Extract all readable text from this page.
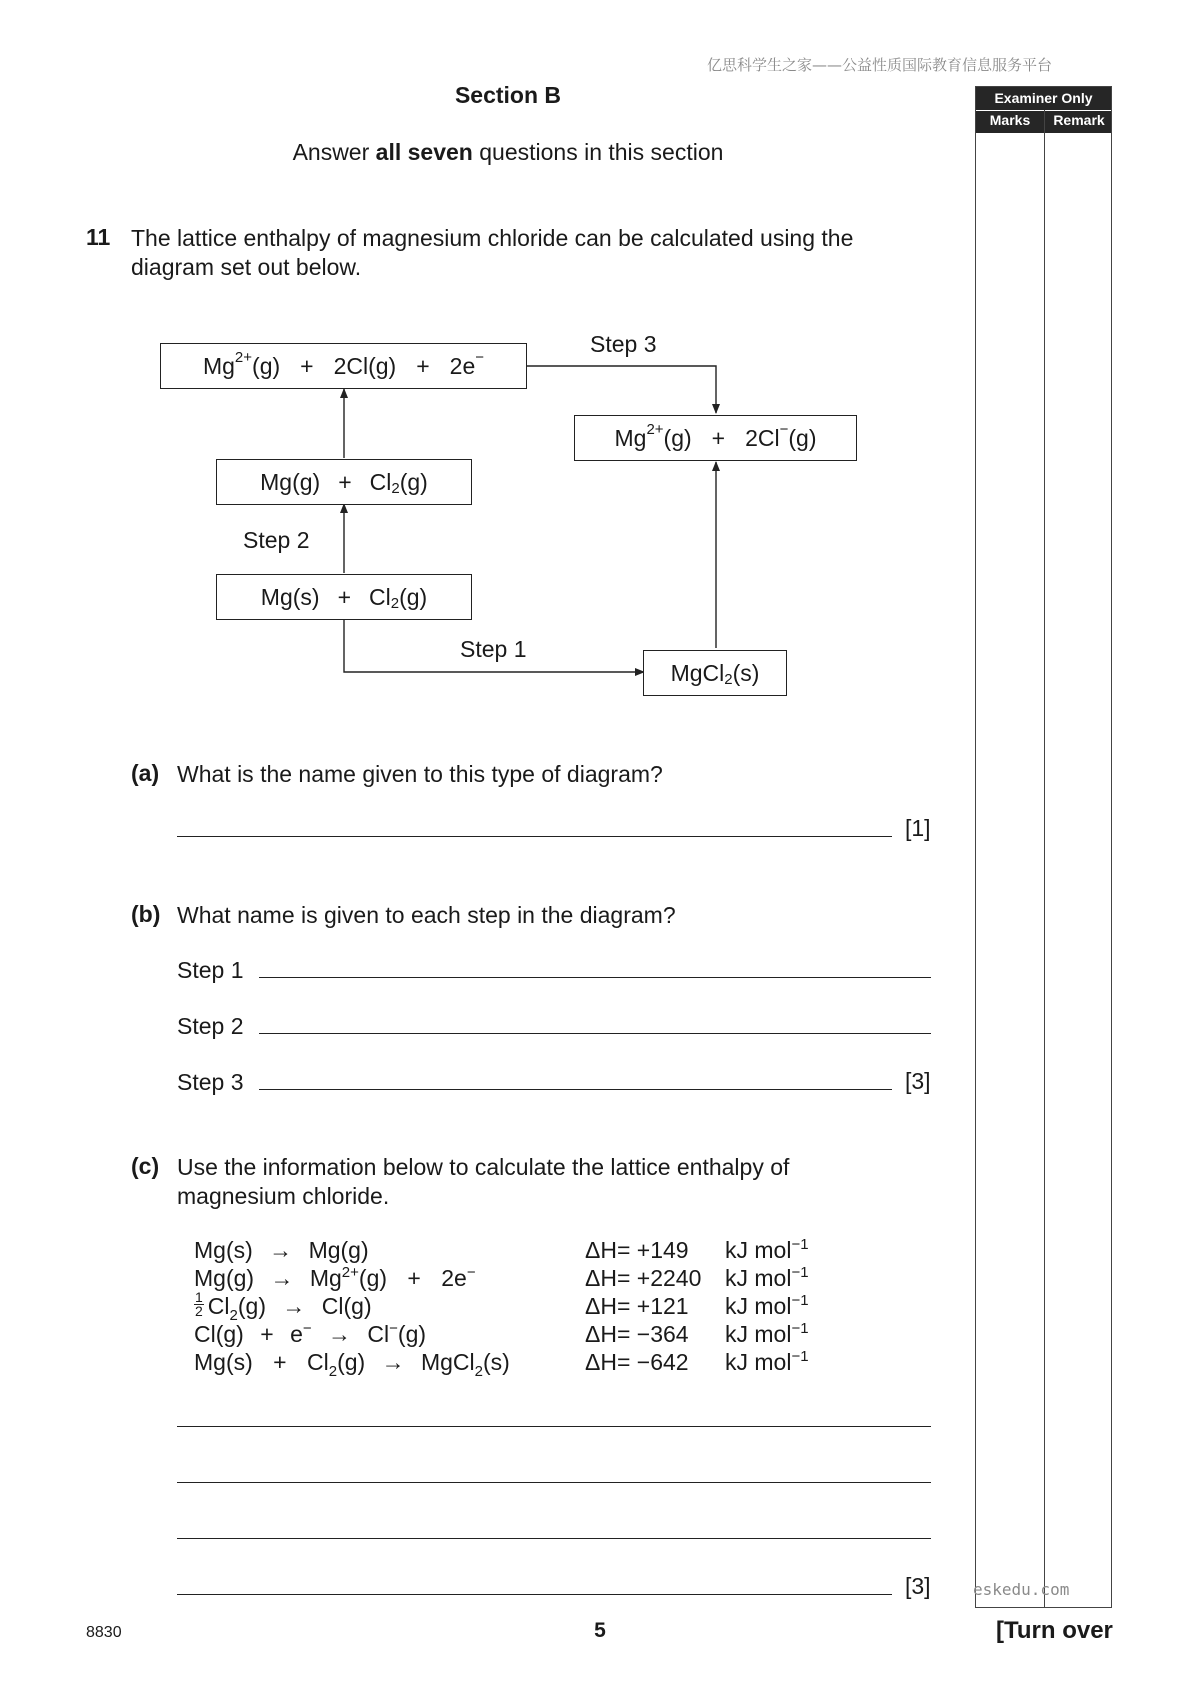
亿思科学生之家——公益性质国际教育信息服务平台
Section B
Answer all seven questions in this section
11 The lattice enthalpy of magnesium chloride can be calculated using the diagram set out below.
$Mg^{2+}$ (g) + 2Cl(g) + 2e−
$Mg^{2+}$ (g) + 2Cl− (g)
$Mg(g) + Cl_2$ (g)
Step 2
$Mg(s) + Cl_2$ (g)
Step 3
Step 1
MgCl$_2$ (s)
(a) What is the name given to this type of diagram?
[1]
(b) What name is given to each step in the diagram?
Step 1
Step 2
Step 3	[3]
(c) Use the information below to calculate the lattice enthalpy of magnesium chloride.
Mg(s) → Mg(g)	ΔH= +149 kJ mol$^{-1}$
$Mg(g) \to Mg^{2+}(g) + 2e^-$	ΔH= +2240 kJ mol$^{-1}$
$\frac{1}{2} Cl_2(g) \to Cl(g)$	ΔH= +121 kJ mol$^{-1}$
Cl(g) + e− → Cl−(g)	ΔH= −364 kJ mol$^{-1}$
$Mg(s) + Cl_2(g)$ → MgCl$_2$(s)	ΔH= −642 kJ mol$^{-1}$
[3]
Examiner Only
Marks	Remark
eskedu.com
8830	5	[Turn over
